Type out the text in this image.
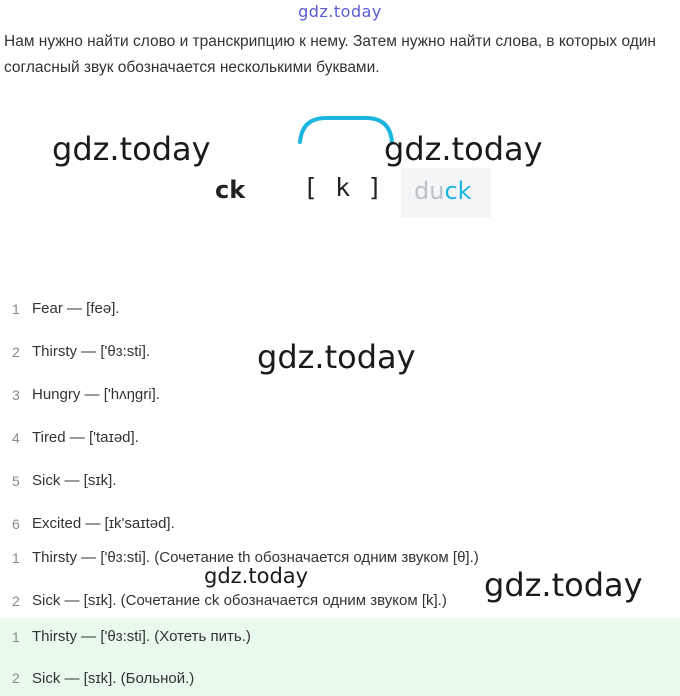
gdz.today
Нам нужно найти слово и транскрипцию к нему. Затем нужно найти слова, в которых один согласный звук обозначается несколькими буквами.
ck [ k ] duck
gdz.today	gdz.today
gdz.today
1 Fear — [feə].
2 Thirsty — ['θɜ:sti].
3 Hungry — ['hʌŋgri].
4 Tired — ['taɪəd].
5 Sick — [sɪk].
6 Excited — [ɪk'saɪtəd].
1 Thirsty — ['θɜ:sti]. (Сочетание th обозначается одним звуком [θ].)
2 Sick — [sɪk]. (Сочетание ck обозначается одним звуком [k].)
gdz.today	gdz.today
1 Thirsty — ['θɜ:sti]. (Хотеть пить.)
2 Sick — [sɪk]. (Больной.)
